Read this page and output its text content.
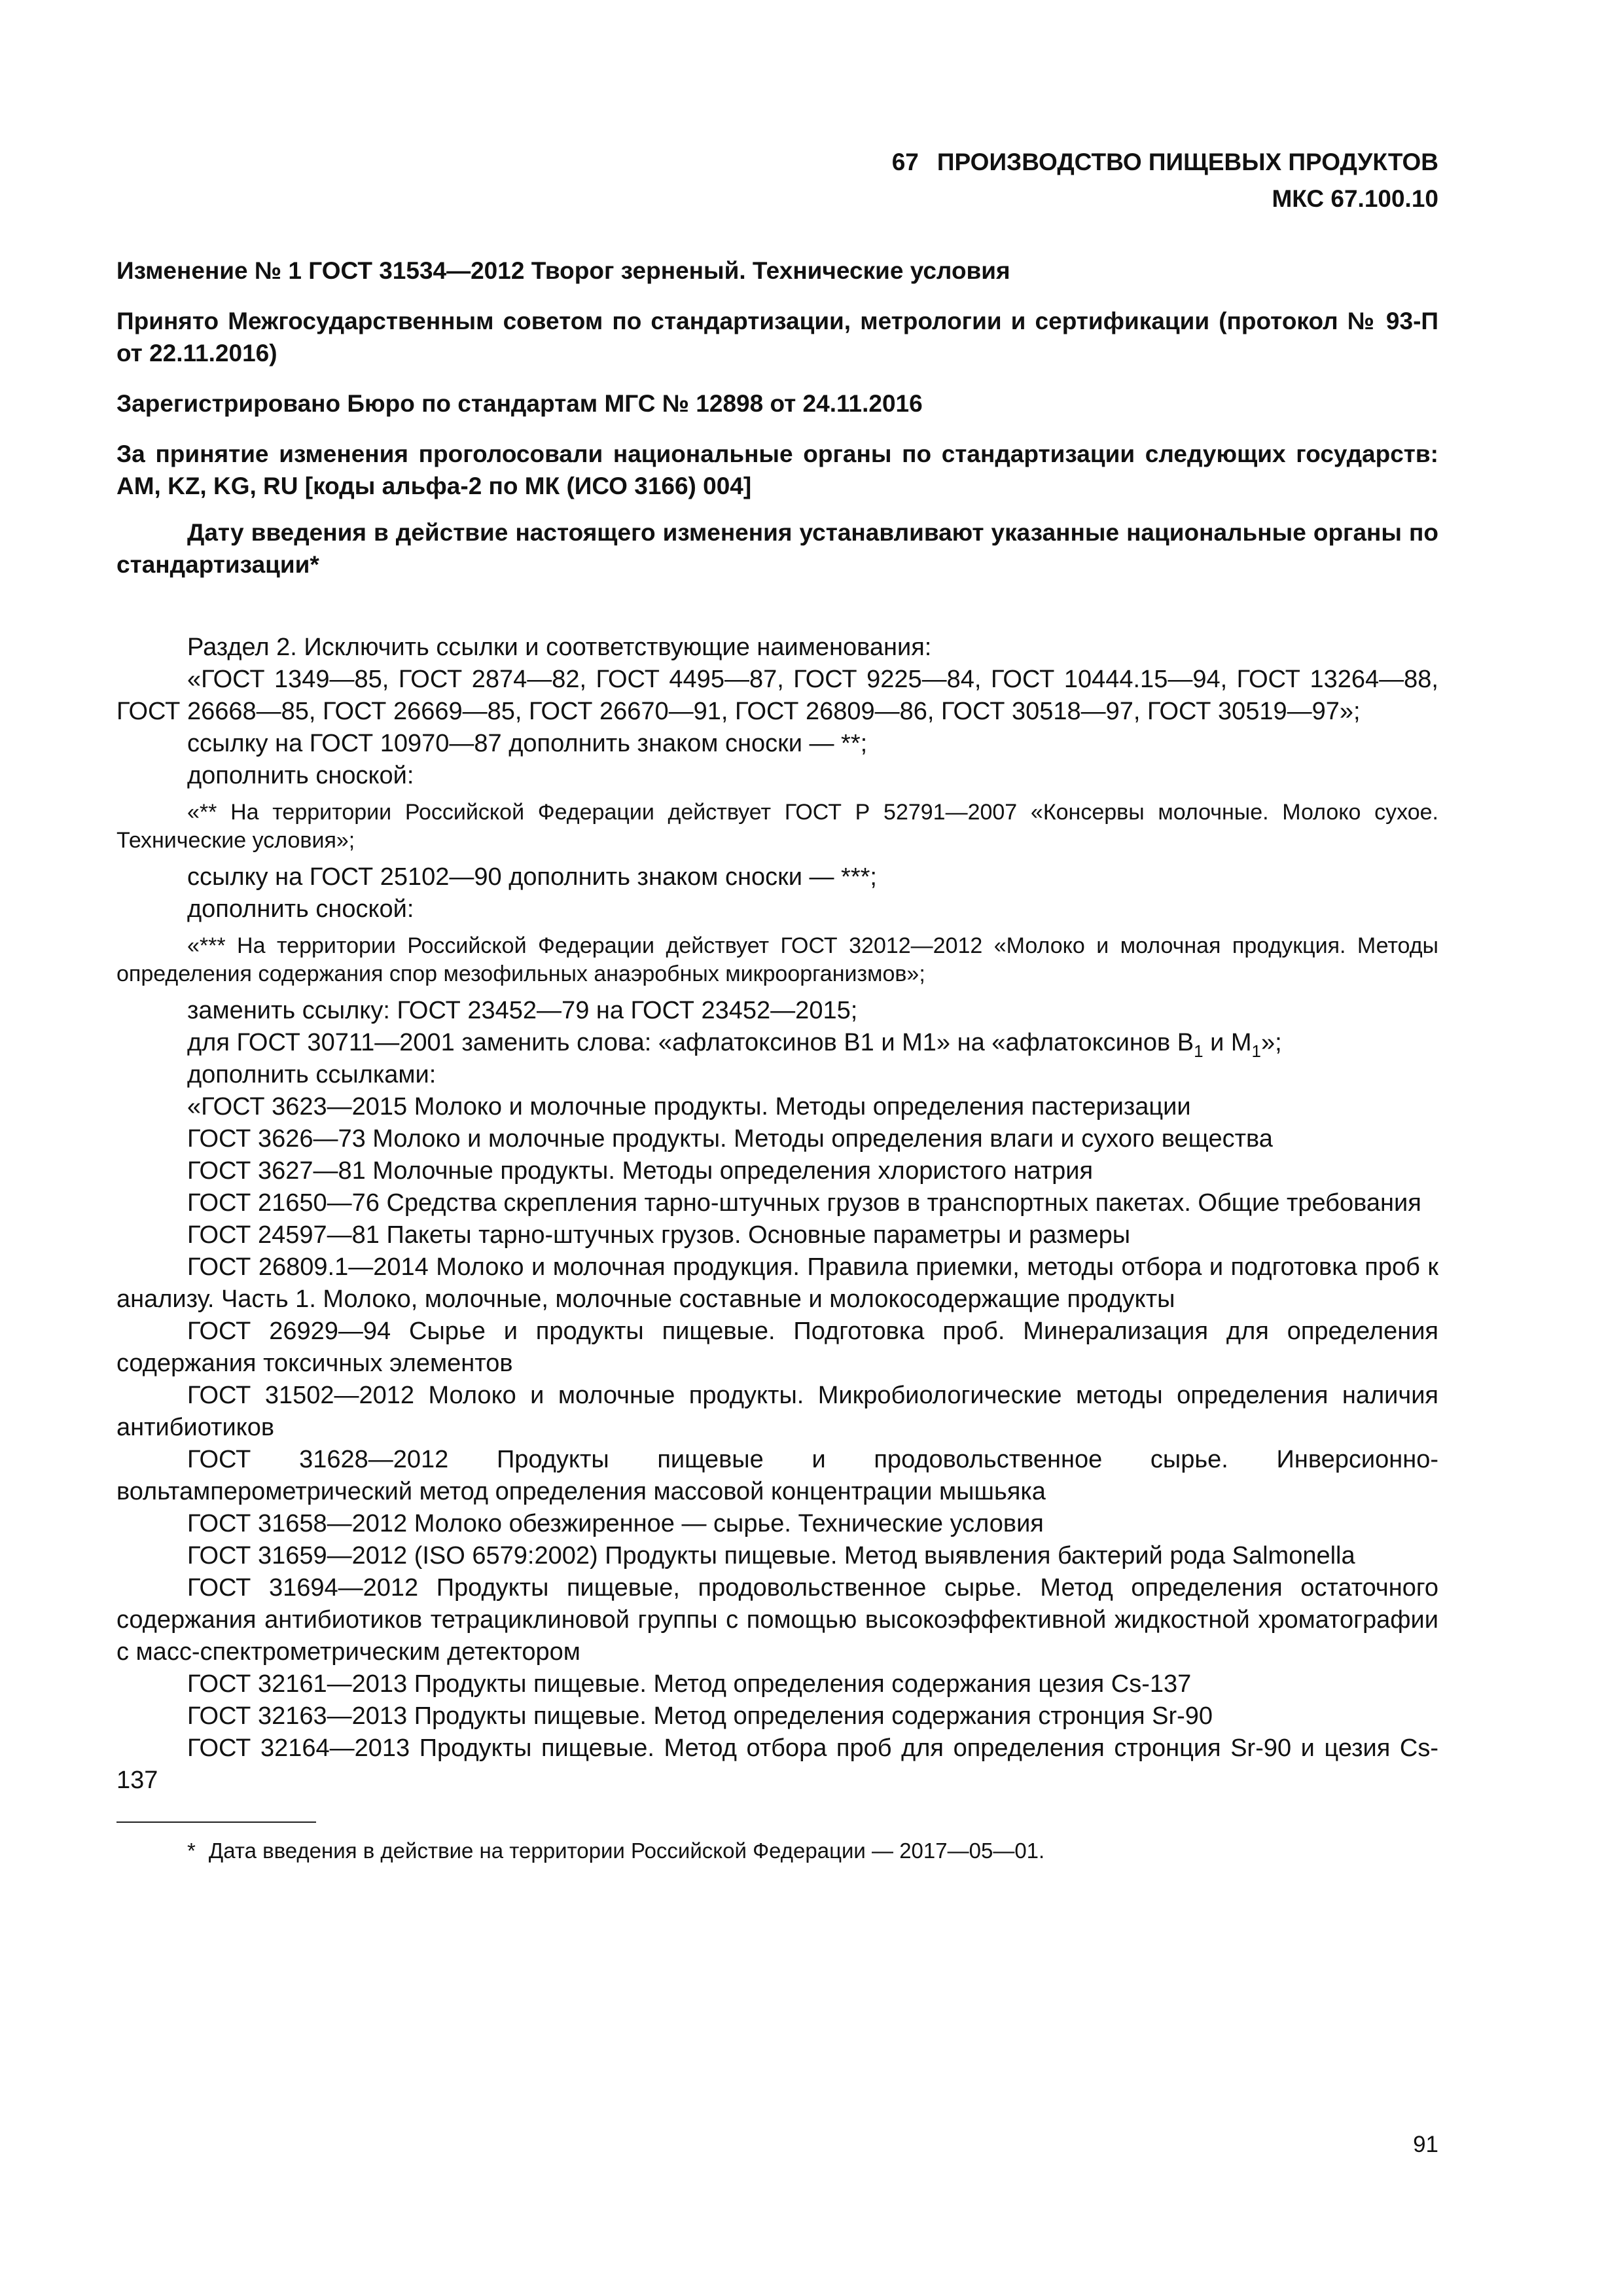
67 ПРОИЗВОДСТВО ПИЩЕВЫХ ПРОДУКТОВ
МКС 67.100.10

Изменение № 1 ГОСТ 31534—2012 Творог зерненый. Технические условия

Принято Межгосударственным советом по стандартизации, метрологии и сертификации (протокол № 93-П от 22.11.2016)

Зарегистрировано Бюро по стандартам МГС № 12898 от 24.11.2016

За принятие изменения проголосовали национальные органы по стандартизации следующих государств: AM, KZ, KG, RU [коды альфа-2 по МК (ИСО 3166) 004]

Дату введения в действие настоящего изменения устанавливают указанные национальные органы по стандартизации*

Раздел 2. Исключить ссылки и соответствующие наименования:

«ГОСТ 1349—85, ГОСТ 2874—82, ГОСТ 4495—87, ГОСТ 9225—84, ГОСТ 10444.15—94, ГОСТ 13264—88, ГОСТ 26668—85, ГОСТ 26669—85, ГОСТ 26670—91, ГОСТ 26809—86, ГОСТ 30518—97, ГОСТ 30519—97»;

ссылку на ГОСТ 10970—87 дополнить знаком сноски — **;

дополнить сноской:

«** На территории Российской Федерации действует ГОСТ Р 52791—2007 «Консервы молочные. Молоко сухое. Технические условия»;

ссылку на ГОСТ 25102—90 дополнить знаком сноски — ***;

дополнить сноской:

«*** На территории Российской Федерации действует ГОСТ 32012—2012 «Молоко и молочная продукция. Методы определения содержания спор мезофильных анаэробных микроорганизмов»;

заменить ссылку: ГОСТ 23452—79 на ГОСТ 23452—2015;

для ГОСТ 30711—2001 заменить слова: «афлатоксинов В1 и М1» на «афлатоксинов $В_1$ и $М_1$»;

дополнить ссылками:

«ГОСТ 3623—2015 Молоко и молочные продукты. Методы определения пастеризации

ГОСТ 3626—73 Молоко и молочные продукты. Методы определения влаги и сухого вещества

ГОСТ 3627—81 Молочные продукты. Методы определения хлористого натрия

ГОСТ 21650—76 Средства скрепления тарно-штучных грузов в транспортных пакетах. Общие требования

ГОСТ 24597—81 Пакеты тарно-штучных грузов. Основные параметры и размеры

ГОСТ 26809.1—2014 Молоко и молочная продукция. Правила приемки, методы отбора и подготовка проб к анализу. Часть 1. Молоко, молочные, молочные составные и молокосодержащие продукты

ГОСТ 26929—94 Сырье и продукты пищевые. Подготовка проб. Минерализация для определения содержания токсичных элементов

ГОСТ 31502—2012 Молоко и молочные продукты. Микробиологические методы определения наличия антибиотиков

ГОСТ 31628—2012 Продукты пищевые и продовольственное сырье. Инверсионно-вольтамперометрический метод определения массовой концентрации мышьяка

ГОСТ 31658—2012 Молоко обезжиренное — сырье. Технические условия

ГОСТ 31659—2012 (ISO 6579:2002) Продукты пищевые. Метод выявления бактерий рода Salmonella

ГОСТ 31694—2012 Продукты пищевые, продовольственное сырье. Метод определения остаточного содержания антибиотиков тетрациклиновой группы с помощью высокоэффективной жидкостной хроматографии с масс-спектрометрическим детектором

ГОСТ 32161—2013 Продукты пищевые. Метод определения содержания цезия Cs-137

ГОСТ 32163—2013 Продукты пищевые. Метод определения содержания стронция Sr-90

ГОСТ 32164—2013 Продукты пищевые. Метод отбора проб для определения стронция Sr-90 и цезия Cs-137

* Дата введения в действие на территории Российской Федерации — 2017—05—01.
91
